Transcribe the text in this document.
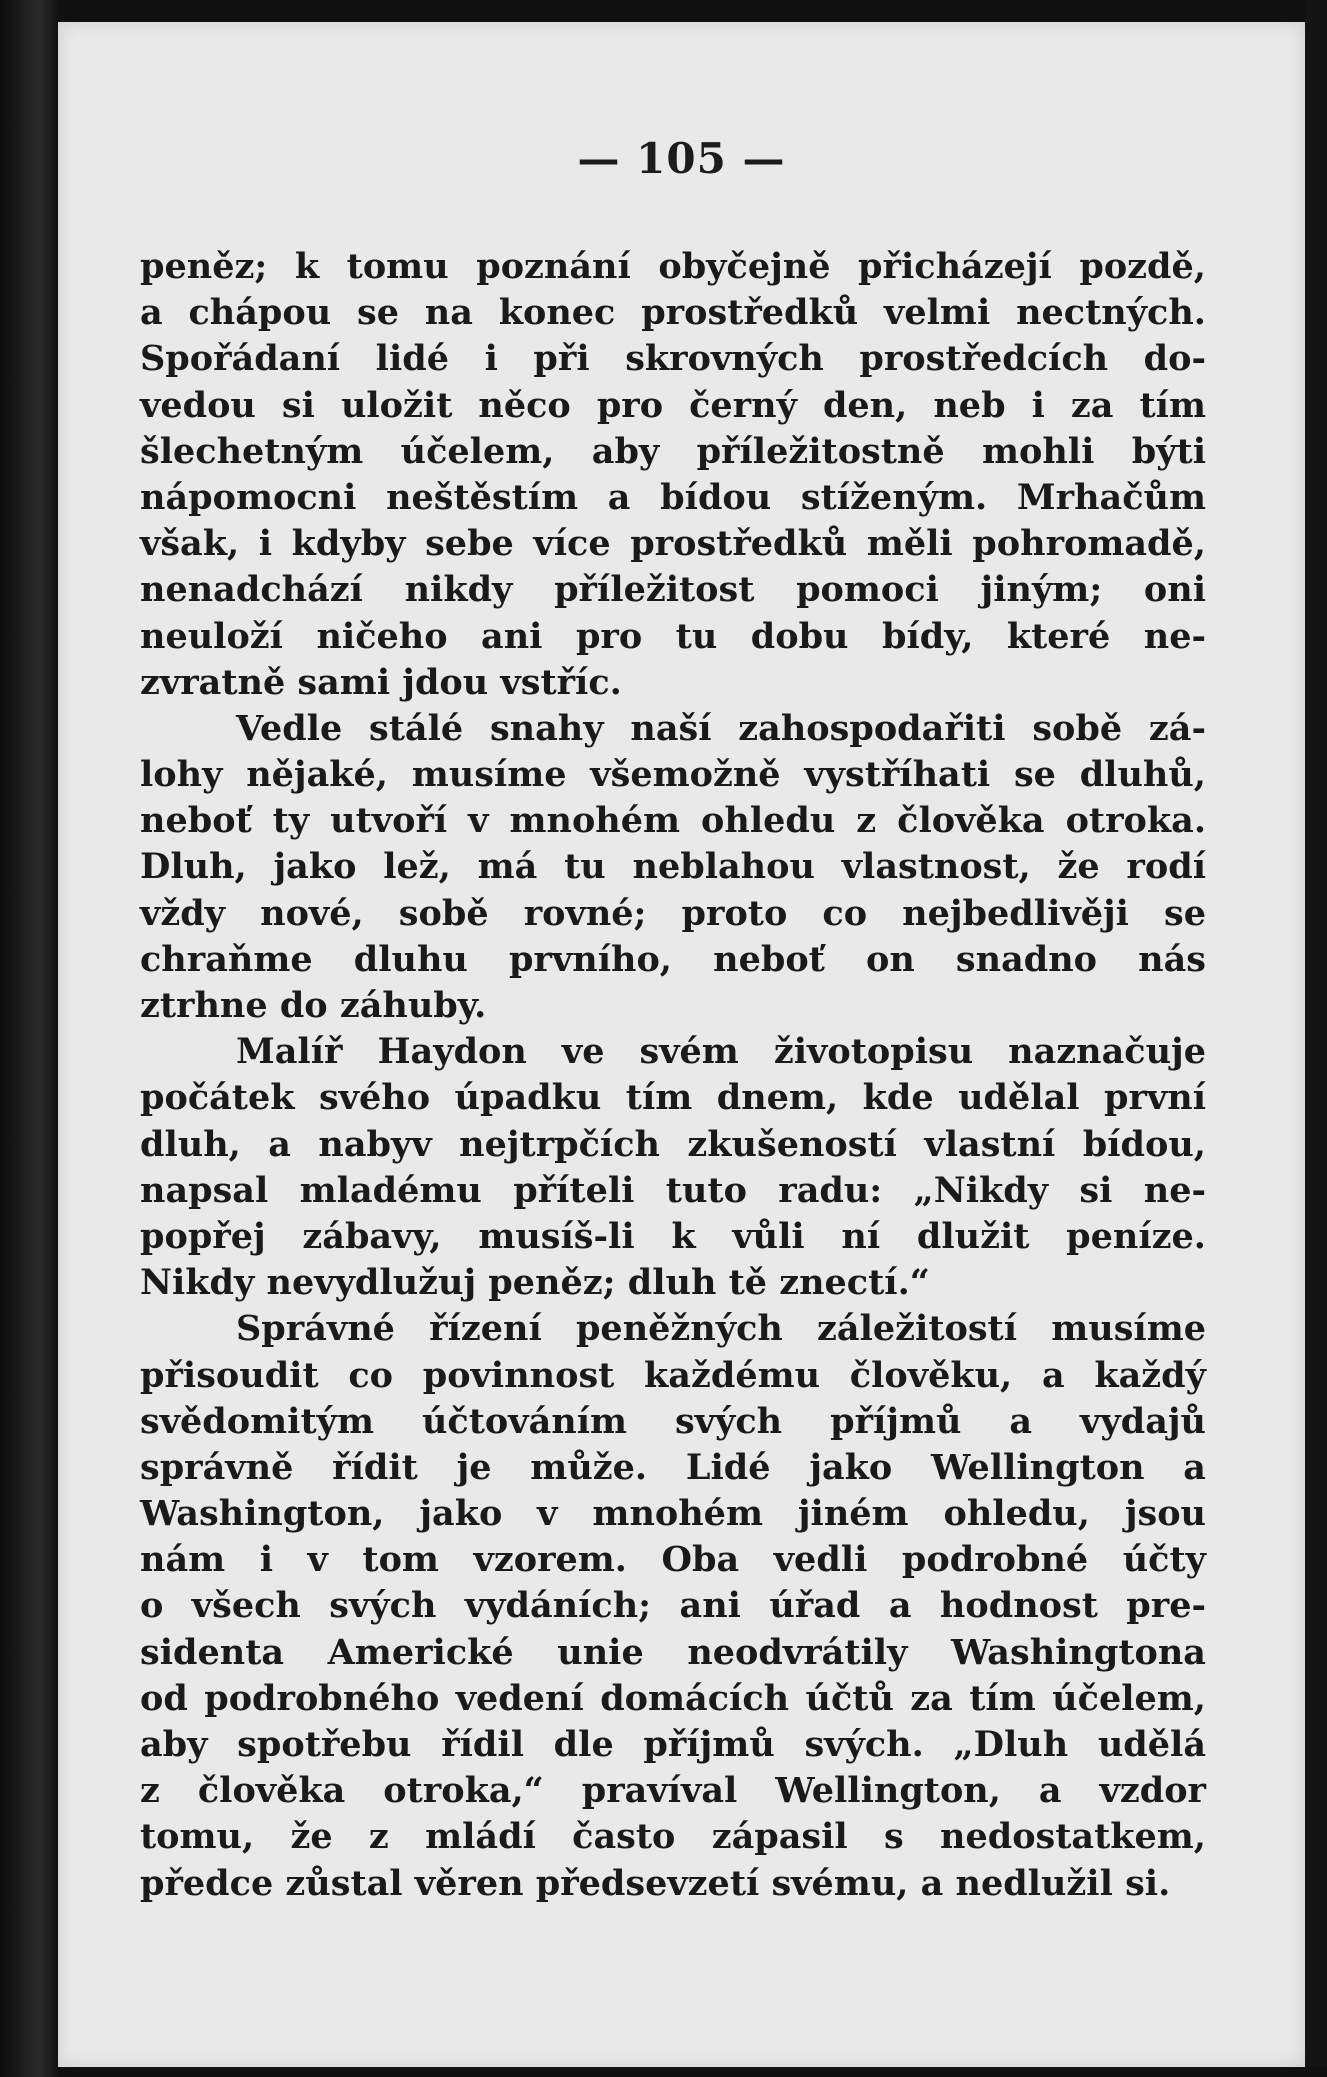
— 105 —
peněz; k tomu poznání obyčejně přicházejí pozdě,
a chápou se na konec prostředků velmi nectných.
Spořádaní lidé i při skrovných prostředcích do-
vedou si uložit něco pro černý den, neb i za tím
šlechetným účelem, aby příležitostně mohli býti
nápomocni neštěstím a bídou stíženým. Mrhačům
však, i kdyby sebe více prostředků měli pohromadě,
nenadchází nikdy příležitost pomoci jiným; oni
neuloží ničeho ani pro tu dobu bídy, které ne-
zvratně sami jdou vstříc.
Vedle stálé snahy naší zahospodařiti sobě zá-
lohy nějaké, musíme všemožně vystříhati se dluhů,
neboť ty utvoří v mnohém ohledu z člověka otroka.
Dluh, jako lež, má tu neblahou vlastnost, že rodí
vždy nové, sobě rovné; proto co nejbedlivěji se
chraňme dluhu prvního, neboť on snadno nás
ztrhne do záhuby.
Malíř Haydon ve svém životopisu naznačuje
počátek svého úpadku tím dnem, kde udělal první
dluh, a nabyv nejtrpčích zkušeností vlastní bídou,
napsal mladému příteli tuto radu: „Nikdy si ne-
popřej zábavy, musíš-li k vůli ní dlužit peníze.
Nikdy nevydlužuj peněz; dluh tě znectí.“
Správné řízení peněžných záležitostí musíme
přisoudit co povinnost každému člověku, a každý
svědomitým účtováním svých příjmů a vydajů
správně řídit je může. Lidé jako Wellington a
Washington, jako v mnohém jiném ohledu, jsou
nám i v tom vzorem. Oba vedli podrobné účty
o všech svých vydáních; ani úřad a hodnost pre-
sidenta Americké unie neodvrátily Washingtona
od podrobného vedení domácích účtů za tím účelem,
aby spotřebu řídil dle příjmů svých. „Dluh udělá
z člověka otroka,“ pravíval Wellington, a vzdor
tomu, že z mládí často zápasil s nedostatkem,
předce zůstal věren předsevzetí svému, a nedlužil si.
